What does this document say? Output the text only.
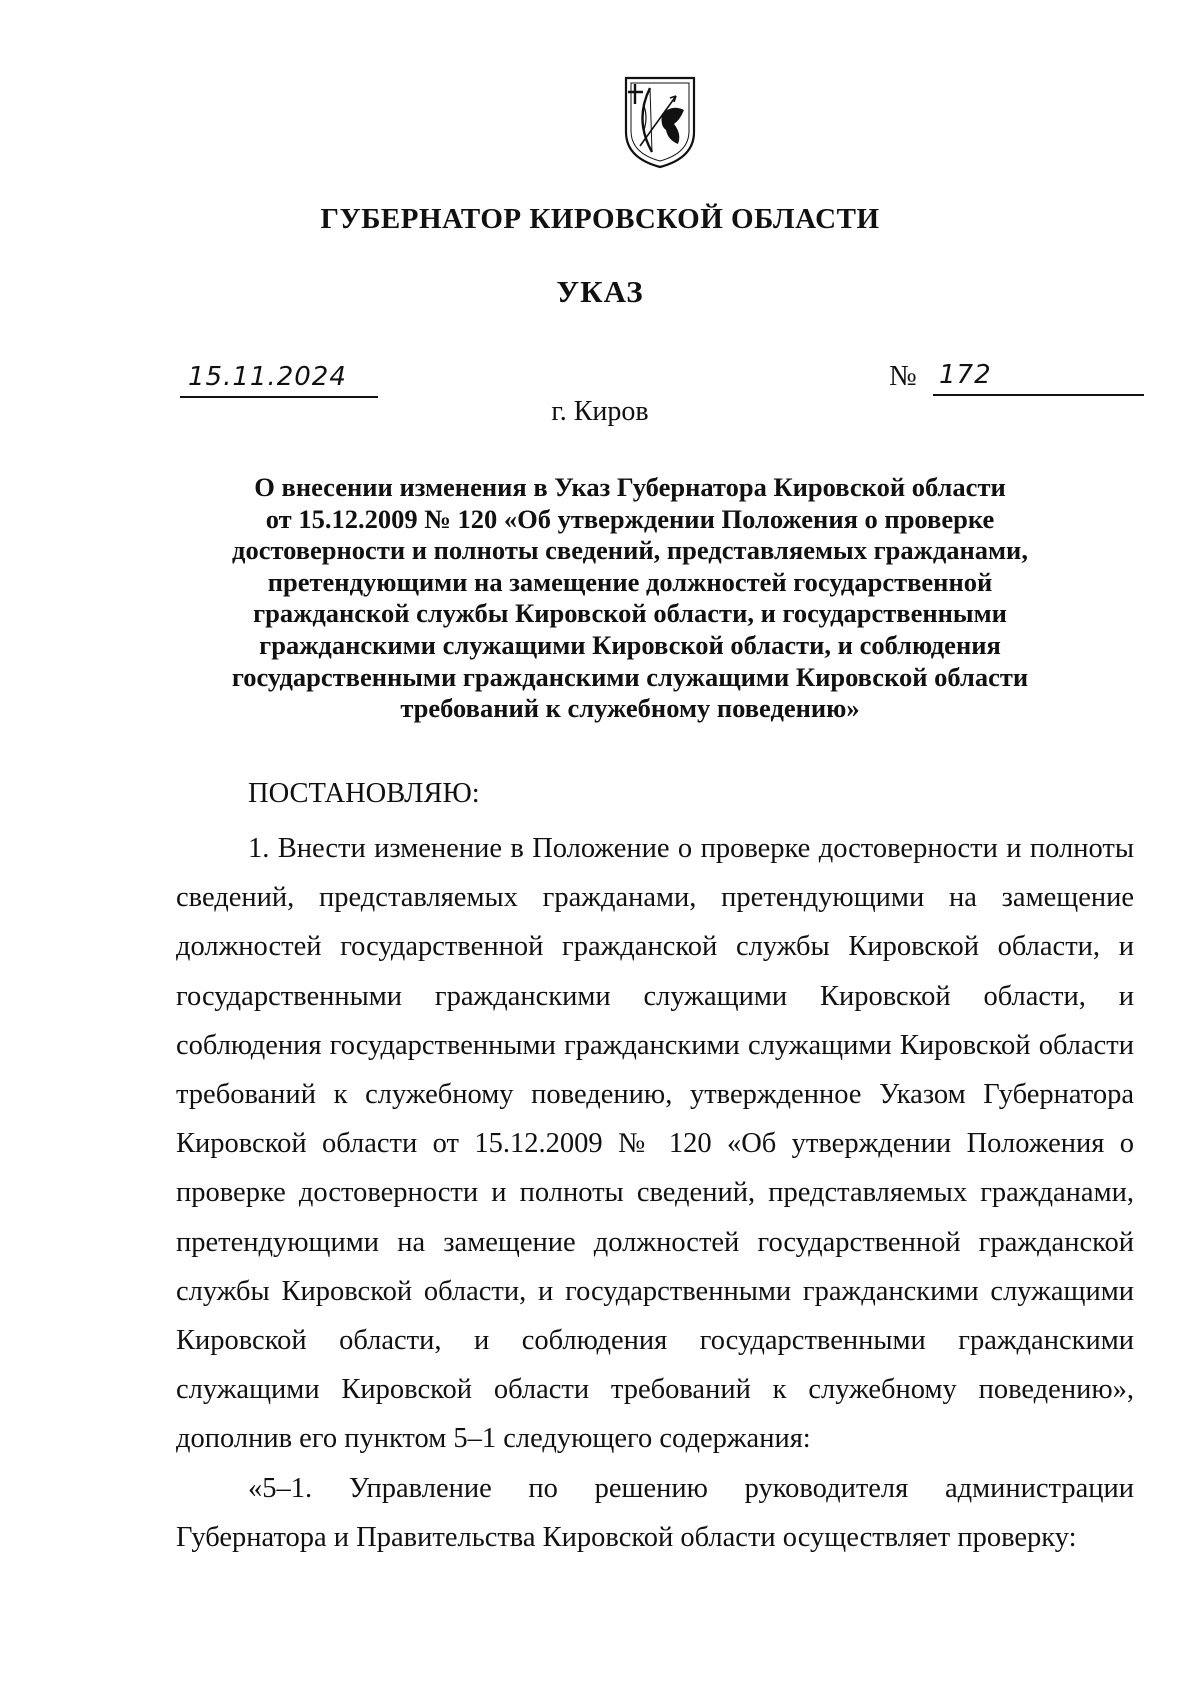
ГУБЕРНАТОР КИРОВСКОЙ ОБЛАСТИ
УКАЗ
15.11.2024	№ 172
г. Киров
О внесении изменения в Указ Губернатора Кировской области
от 15.12.2009 № 120 «Об утверждении Положения о проверке
достоверности и полноты сведений, представляемых гражданами,
претендующими на замещение должностей государственной
гражданской службы Кировской области, и государственными
гражданскими служащими Кировской области, и соблюдения
государственными гражданскими служащими Кировской области
требований к служебному поведению»
ПОСТАНОВЛЯЮ:

1. Внести изменение в Положение о проверке достоверности и полноты сведений, представляемых гражданами, претендующими на замещение должностей государственной гражданской службы Кировской области, и государственными гражданскими служащими Кировской области, и соблюдения государственными гражданскими служащими Кировской области требований к служебному поведению, утвержденное Указом Губернатора Кировской области от 15.12.2009 № 120 «Об утверждении Положения о проверке достоверности и полноты сведений, представляемых гражданами, претендующими на замещение должностей государственной гражданской службы Кировской области, и государственными гражданскими служащими Кировской области, и соблюдения государственными гражданскими служащими Кировской области требований к служебному поведению», дополнив его пунктом 5–1 следующего содержания:

«5–1. Управление по решению руководителя администрации Губернатора и Правительства Кировской области осуществляет проверку:
